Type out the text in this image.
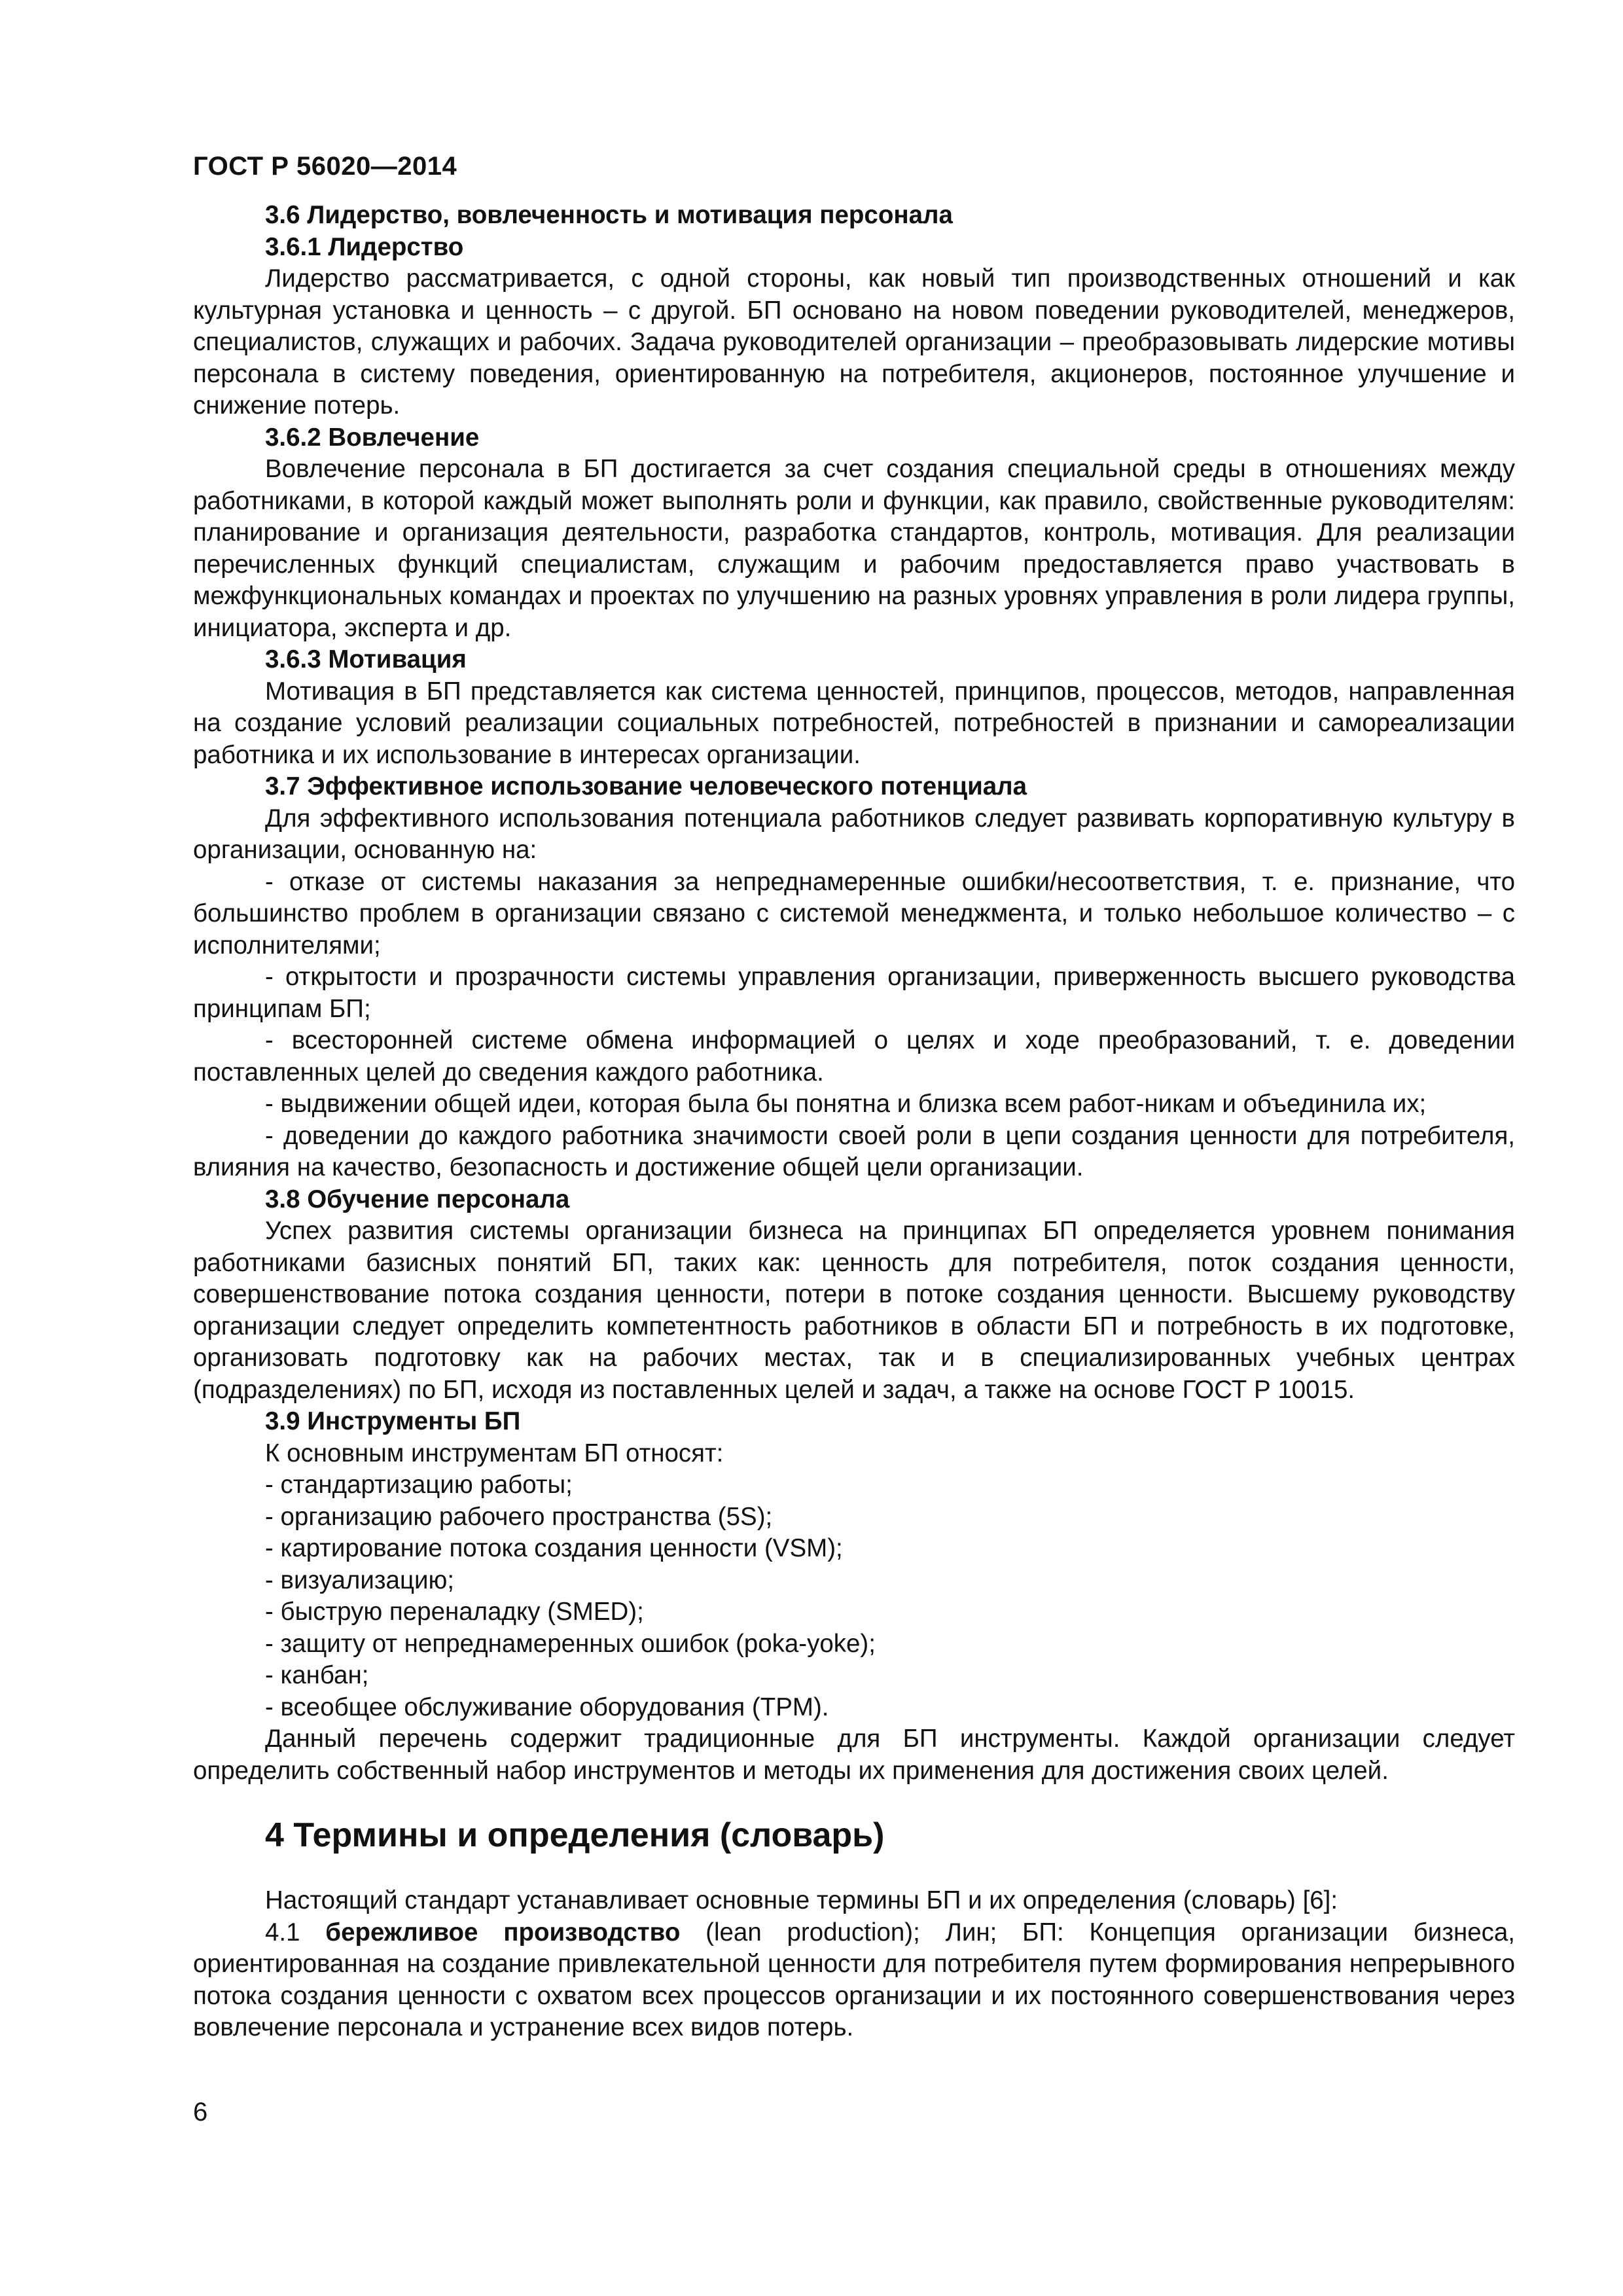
ГОСТ Р 56020—2014

3.6 Лидерство, вовлеченность и мотивация персонала

3.6.1 Лидерство

Лидерство рассматривается, с одной стороны, как новый тип производственных отношений и как культурная установка и ценность – с другой. БП основано на новом поведении руководителей, менеджеров, специалистов, служащих и рабочих. Задача руководителей организации – преобразовывать лидерские мотивы персонала в систему поведения, ориентированную на потребителя, акционеров, постоянное улучшение и снижение потерь.

3.6.2 Вовлечение

Вовлечение персонала в БП достигается за счет создания специальной среды в отношениях между работниками, в которой каждый может выполнять роли и функции, как правило, свойственные руководителям: планирование и организация деятельности, разработка стандартов, контроль, мотивация. Для реализации перечисленных функций специалистам, служащим и рабочим предоставляется право участвовать в межфункциональных командах и проектах по улучшению на разных уровнях управления в роли лидера группы, инициатора, эксперта и др.

3.6.3 Мотивация

Мотивация в БП представляется как система ценностей, принципов, процессов, методов, направленная на создание условий реализации социальных потребностей, потребностей в признании и самореализации работника и их использование в интересах организации.

3.7 Эффективное использование человеческого потенциала

Для эффективного использования потенциала работников следует развивать корпоративную культуру в организации, основанную на:

- отказе от системы наказания за непреднамеренные ошибки/несоответствия, т. е. признание, что большинство проблем в организации связано с системой менеджмента, и только небольшое количество – с исполнителями;

- открытости и прозрачности системы управления организации, приверженность высшего руководства принципам БП;

- всесторонней системе обмена информацией о целях и ходе преобразований, т. е. доведении поставленных целей до сведения каждого работника.

- выдвижении общей идеи, которая была бы понятна и близка всем работ-никам и объединила их;

- доведении до каждого работника значимости своей роли в цепи создания ценности для потребителя, влияния на качество, безопасность и достижение общей цели организации.

3.8 Обучение персонала

Успех развития системы организации бизнеса на принципах БП определяется уровнем понимания работниками базисных понятий БП, таких как: ценность для потребителя, поток создания ценности, совершенствование потока создания ценности, потери в потоке создания ценности. Высшему руководству организации следует определить компетентность работников в области БП и потребность в их подготовке, организовать подготовку как на рабочих местах, так и в специализированных учебных центрах (подразделениях) по БП, исходя из поставленных целей и задач, а также на основе ГОСТ Р 10015.

3.9 Инструменты БП

К основным инструментам БП относят:

- стандартизацию работы;

- организацию рабочего пространства (5S);

- картирование потока создания ценности (VSM);

- визуализацию;

- быструю переналадку (SMED);

- защиту от непреднамеренных ошибок (poka-yoke);

- канбан;

- всеобщее обслуживание оборудования (TPM).

Данный перечень содержит традиционные для БП инструменты. Каждой организации следует определить собственный набор инструментов и методы их применения для достижения своих целей.

4 Термины и определения (словарь)

Настоящий стандарт устанавливает основные термины БП и их определения (словарь) [6]:

4.1 бережливое производство (lean production); Лин; БП: Концепция организации бизнеса, ориентированная на создание привлекательной ценности для потребителя путем формирования непрерывного потока создания ценности с охватом всех процессов организации и их постоянного совершенствования через вовлечение персонала и устранение всех видов потерь.

6
